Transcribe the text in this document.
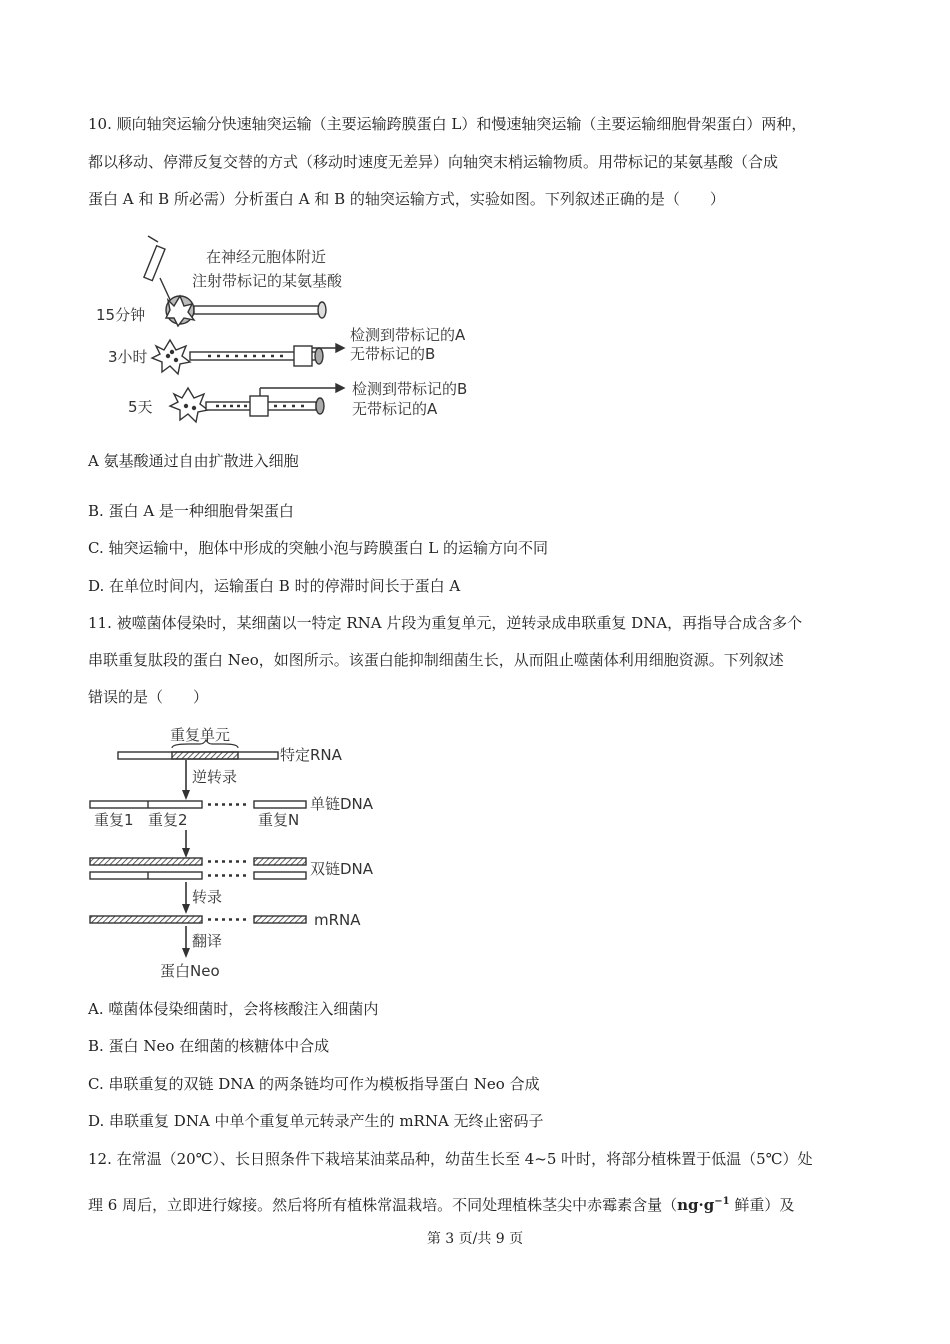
10. 顺向轴突运输分快速轴突运输（主要运输跨膜蛋白 L）和慢速轴突运输（主要运输细胞骨架蛋白）两种，
都以移动、停滞反复交替的方式（移动时速度无差异）向轴突末梢运输物质。用带标记的某氨基酸（合成
蛋白 A 和 B 所必需）分析蛋白 A 和 B 的轴突运输方式，实验如图。下列叙述正确的是（　　）
在神经元胞体附近
注射带标记的某氨基酸
15分钟
3小时
检测到带标记的A
无带标记的B
5天
检测到带标记的B
无带标记的A
A 氨基酸通过自由扩散进入细胞
B. 蛋白 A 是一种细胞骨架蛋白
C. 轴突运输中，胞体中形成的突触小泡与跨膜蛋白 L 的运输方向不同
D. 在单位时间内，运输蛋白 B 时的停滞时间长于蛋白 A
11. 被噬菌体侵染时，某细菌以一特定 RNA 片段为重复单元，逆转录成串联重复 DNA，再指导合成含多个
串联重复肽段的蛋白 Neo，如图所示。该蛋白能抑制细菌生长，从而阻止噬菌体利用细胞资源。下列叙述
错误的是（　　）
重复单元
特定RNA
逆转录
单链DNA
重复1 重复2	重复N
双链DNA
转录
mRNA
翻译
蛋白Neo
A. 噬菌体侵染细菌时，会将核酸注入细菌内
B. 蛋白 Neo 在细菌的核糖体中合成
C. 串联重复的双链 DNA 的两条链均可作为模板指导蛋白 Neo 合成
D. 串联重复 DNA 中单个重复单元转录产生的 mRNA 无终止密码子
12. 在常温（20℃）、长日照条件下栽培某油菜品种，幼苗生长至 4~5 叶时，将部分植株置于低温（5℃）处
理 6 周后，立即进行嫁接。然后将所有植株常温栽培。不同处理植株茎尖中赤霉素含量（$ng\cdot g^{-1}$ 鲜重）及
第 3 页/共 9 页
